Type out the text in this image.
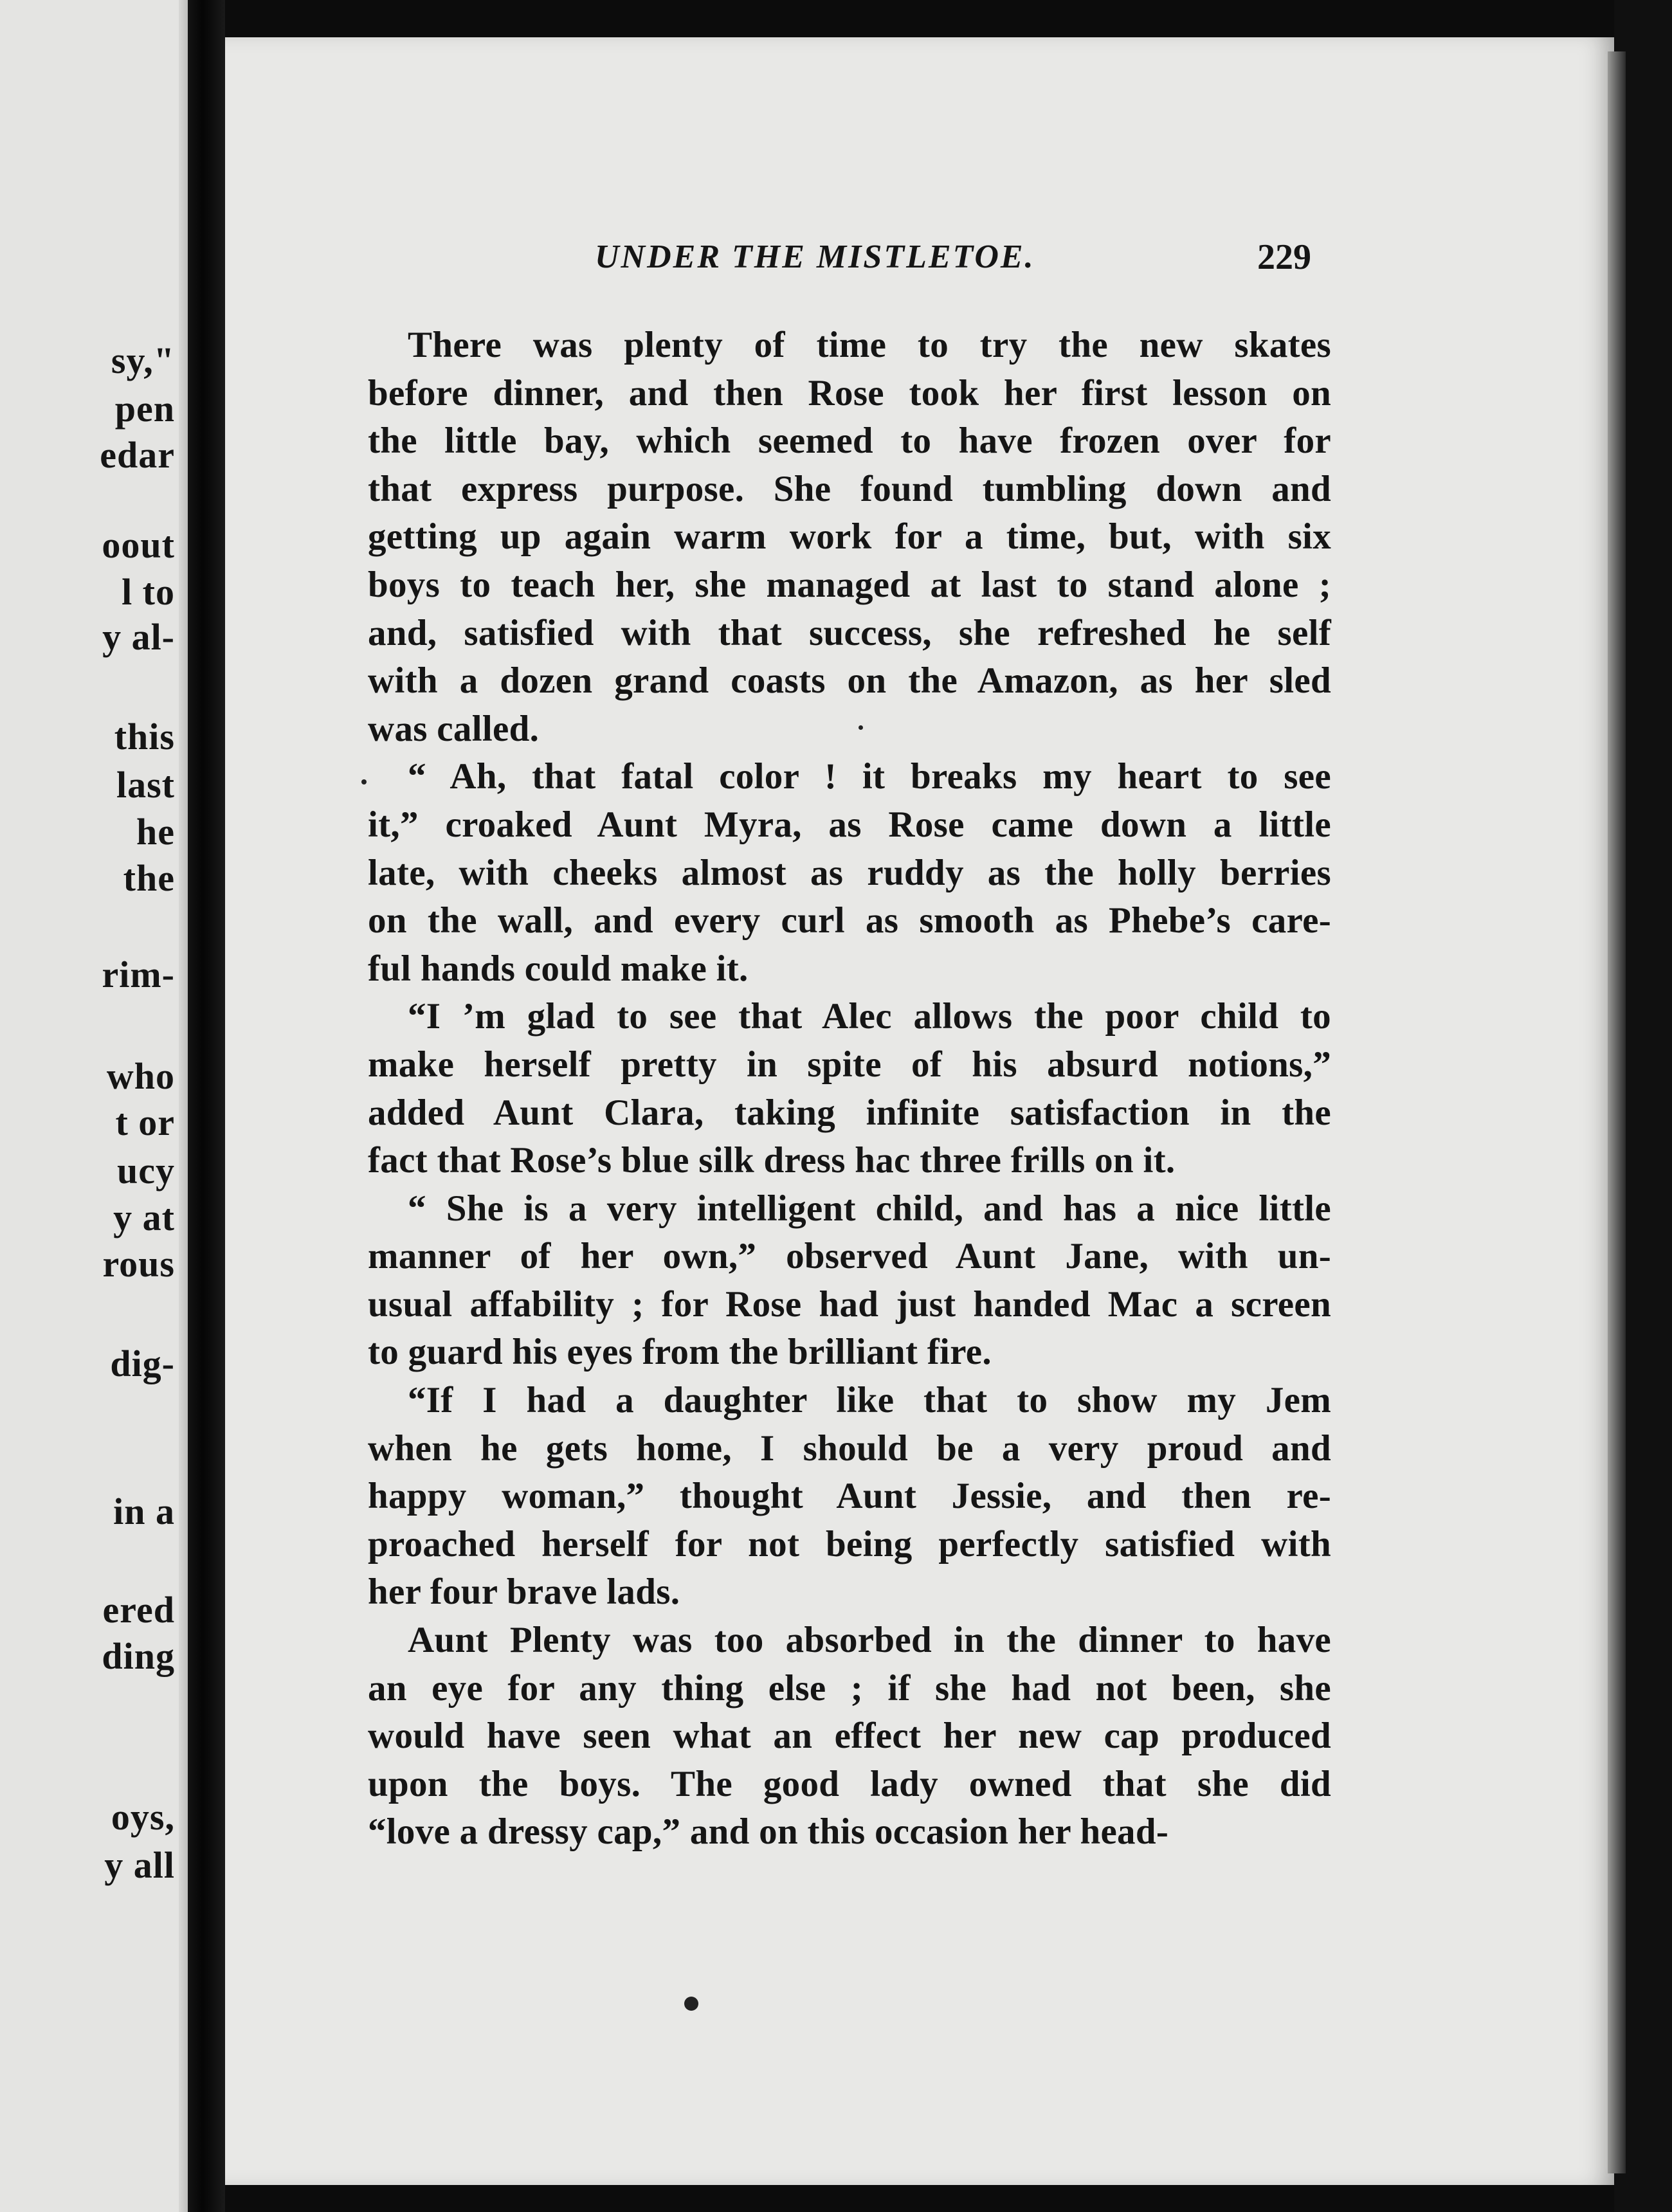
sy,"
pen
edar
oout
l to
y al-
this
last
he
the
rim-
who
t or
ucy
y at
rous
dig-
in a
ered
ding
oys,
y all
UNDER THE MISTLETOE.	229
There was plenty of time to try the new skates
before dinner, and then Rose took her first lesson on
the little bay, which seemed to have frozen over for
that express purpose. She found tumbling down and
getting up again warm work for a time, but, with six
boys to teach her, she managed at last to stand alone ;
and, satisfied with that success, she refreshed he self
with a dozen grand coasts on the Amazon, as her sled
was called.
“ Ah, that fatal color ! it breaks my heart to see
it,” croaked Aunt Myra, as Rose came down a little
late, with cheeks almost as ruddy as the holly berries
on the wall, and every curl as smooth as Phebe’s care-
ful hands could make it.
“I ’m glad to see that Alec allows the poor child to
make herself pretty in spite of his absurd notions,”
added Aunt Clara, taking infinite satisfaction in the
fact that Rose’s blue silk dress hac three frills on it.
“ She is a very intelligent child, and has a nice little
manner of her own,” observed Aunt Jane, with un-
usual affability ; for Rose had just handed Mac a screen
to guard his eyes from the brilliant fire.
“If I had a daughter like that to show my Jem
when he gets home, I should be a very proud and
happy woman,” thought Aunt Jessie, and then re-
proached herself for not being perfectly satisfied with
her four brave lads.
Aunt Plenty was too absorbed in the dinner to have
an eye for any thing else ; if she had not been, she
would have seen what an effect her new cap produced
upon the boys. The good lady owned that she did
“love a dressy cap,” and on this occasion her head-
